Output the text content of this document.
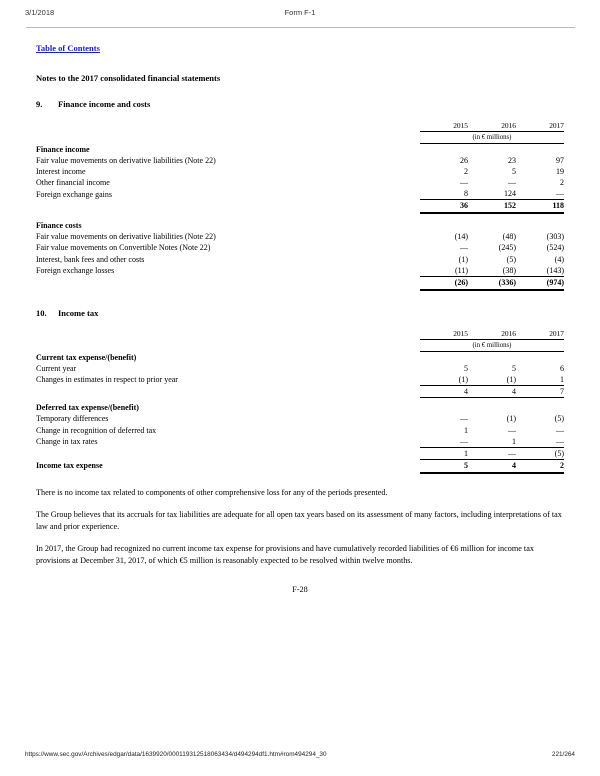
3/1/2018	Form F-1
Table of Contents
Notes to the 2017 consolidated financial statements
9. Finance income and costs
	2015	2016	2017
	(in € millions)		
Finance income			
Fair value movements on derivative liabilities (Note 22)	26	23	97
Interest income	2	5	19
Other financial income	—	—	2
Foreign exchange gains	8	124	—
	36	152	118

Finance costs			
Fair value movements on derivative liabilities (Note 22)	(14)	(48)	(303)
Fair value movements on Convertible Notes (Note 22)	—	(245)	(524)
Interest, bank fees and other costs	(1)	(5)	(4)
Foreign exchange losses	(11)	(38)	(143)
	(26)	(336)	(974)
10. Income tax
	2015	2016	2017
	(in € millions)		
Current tax expense/(benefit)			
Current year	5	5	6
Changes in estimates in respect to prior year	(1)	(1)	1
	4	4	7

Deferred tax expense/(benefit)			
Temporary differences	—	(1)	(5)
Change in recognition of deferred tax	1	—	—
Change in tax rates	—	1	—
	1	—	(5)
Income tax expense	5	4	2

There is no income tax related to components of other comprehensive loss for any of the periods presented.

The Group believes that its accruals for tax liabilities are adequate for all open tax years based on its assessment of many factors, including interpretations of tax law and prior experience.

In 2017, the Group had recognized no current income tax expense for provisions and have cumulatively recorded liabilities of €6 million for income tax provisions at December 31, 2017, of which €5 million is reasonably expected to be resolved within twelve months.

F-28
https://www.sec.gov/Archives/edgar/data/1639920/000119312518063434/d494294df1.htm#rom494294_30	221/264
